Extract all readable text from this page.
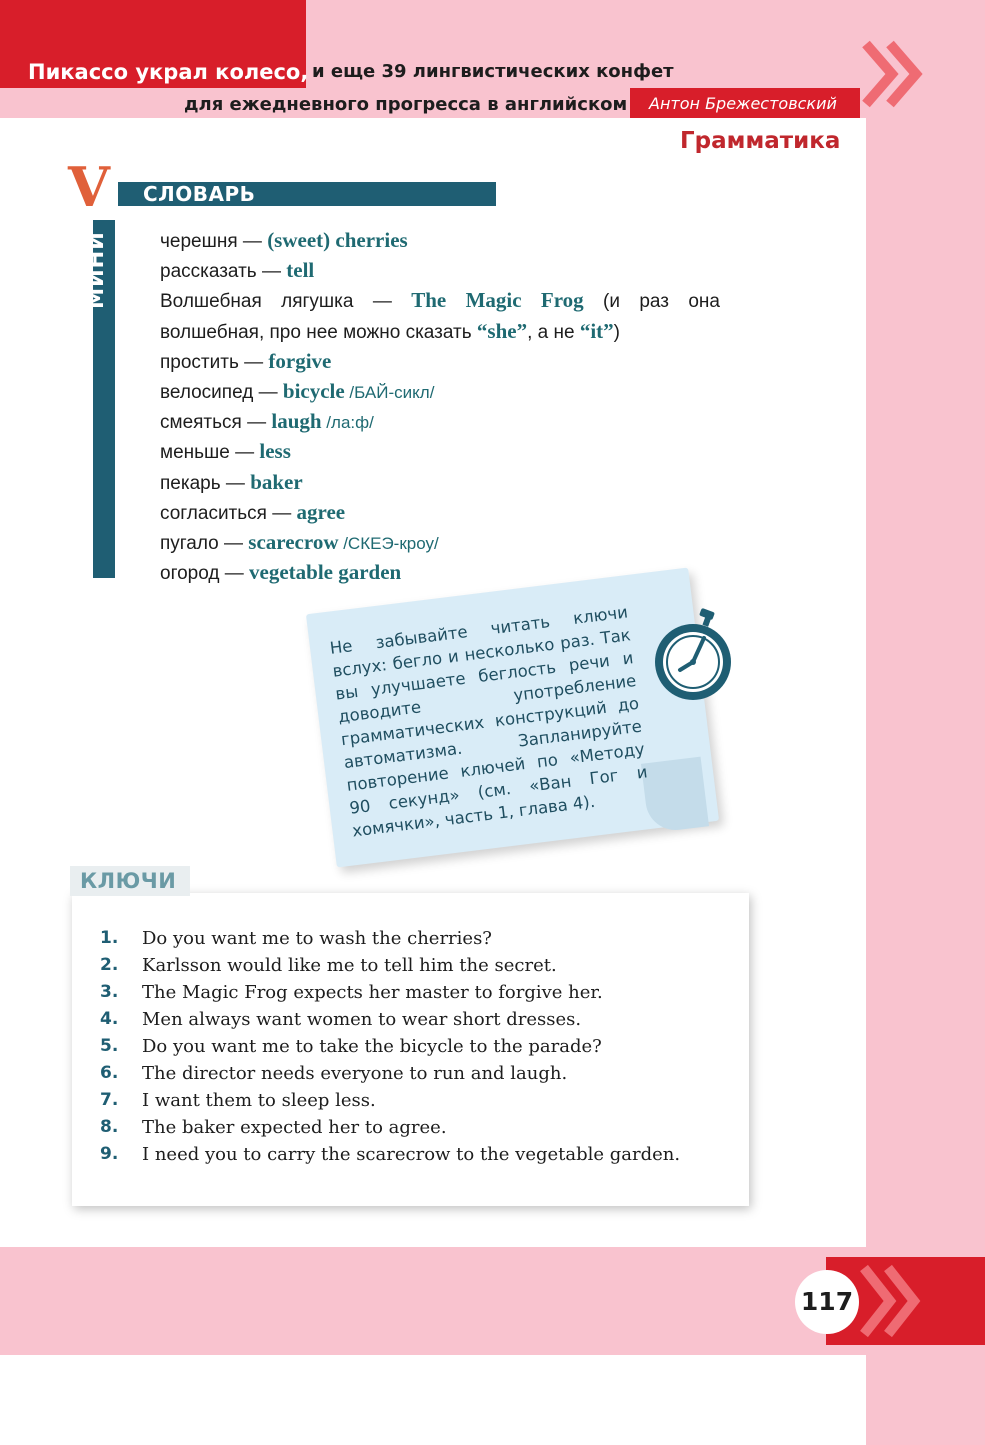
Пикассо украл колесо, и еще 39 лингвистических конфет
для ежедневного прогресса в английском Антон Брежестовский
Грамматика
V СЛОВАРЬ
МИНИ	черешня — (sweet) cherries
рассказать — tell
Волшебная лягушка — The Magic Frog (и раз она
волшебная, про нее можно сказать “she”, а не “it”)
простить — forgive
велосипед — bicycle /БАЙ-сикл/
смеяться — laugh /ла:ф/
меньше — less
пекарь — baker
согласиться — agree
пугало — scarecrow /СКЕЭ-кроу/
огород — vegetable garden
Не забывайте читать ключи вслух: бегло и несколько раз. Так вы улучшаете беглость речи и доводите употребление грамматических конструкций до автоматизма. Запланируйте повторение ключей по «Методу 90 секунд» (см. «Ван Гог и хомячки», часть 1, глава 4).
КЛЮЧИ
1. Do you want me to wash the cherries?
2. Karlsson would like me to tell him the secret.
3. The Magic Frog expects her master to forgive her.
4. Men always want women to wear short dresses.
5. Do you want me to take the bicycle to the parade?
6. The director needs everyone to run and laugh.
7. I want them to sleep less.
8. The baker expected her to agree.
9. I need you to carry the scarecrow to the vegetable garden.
117
